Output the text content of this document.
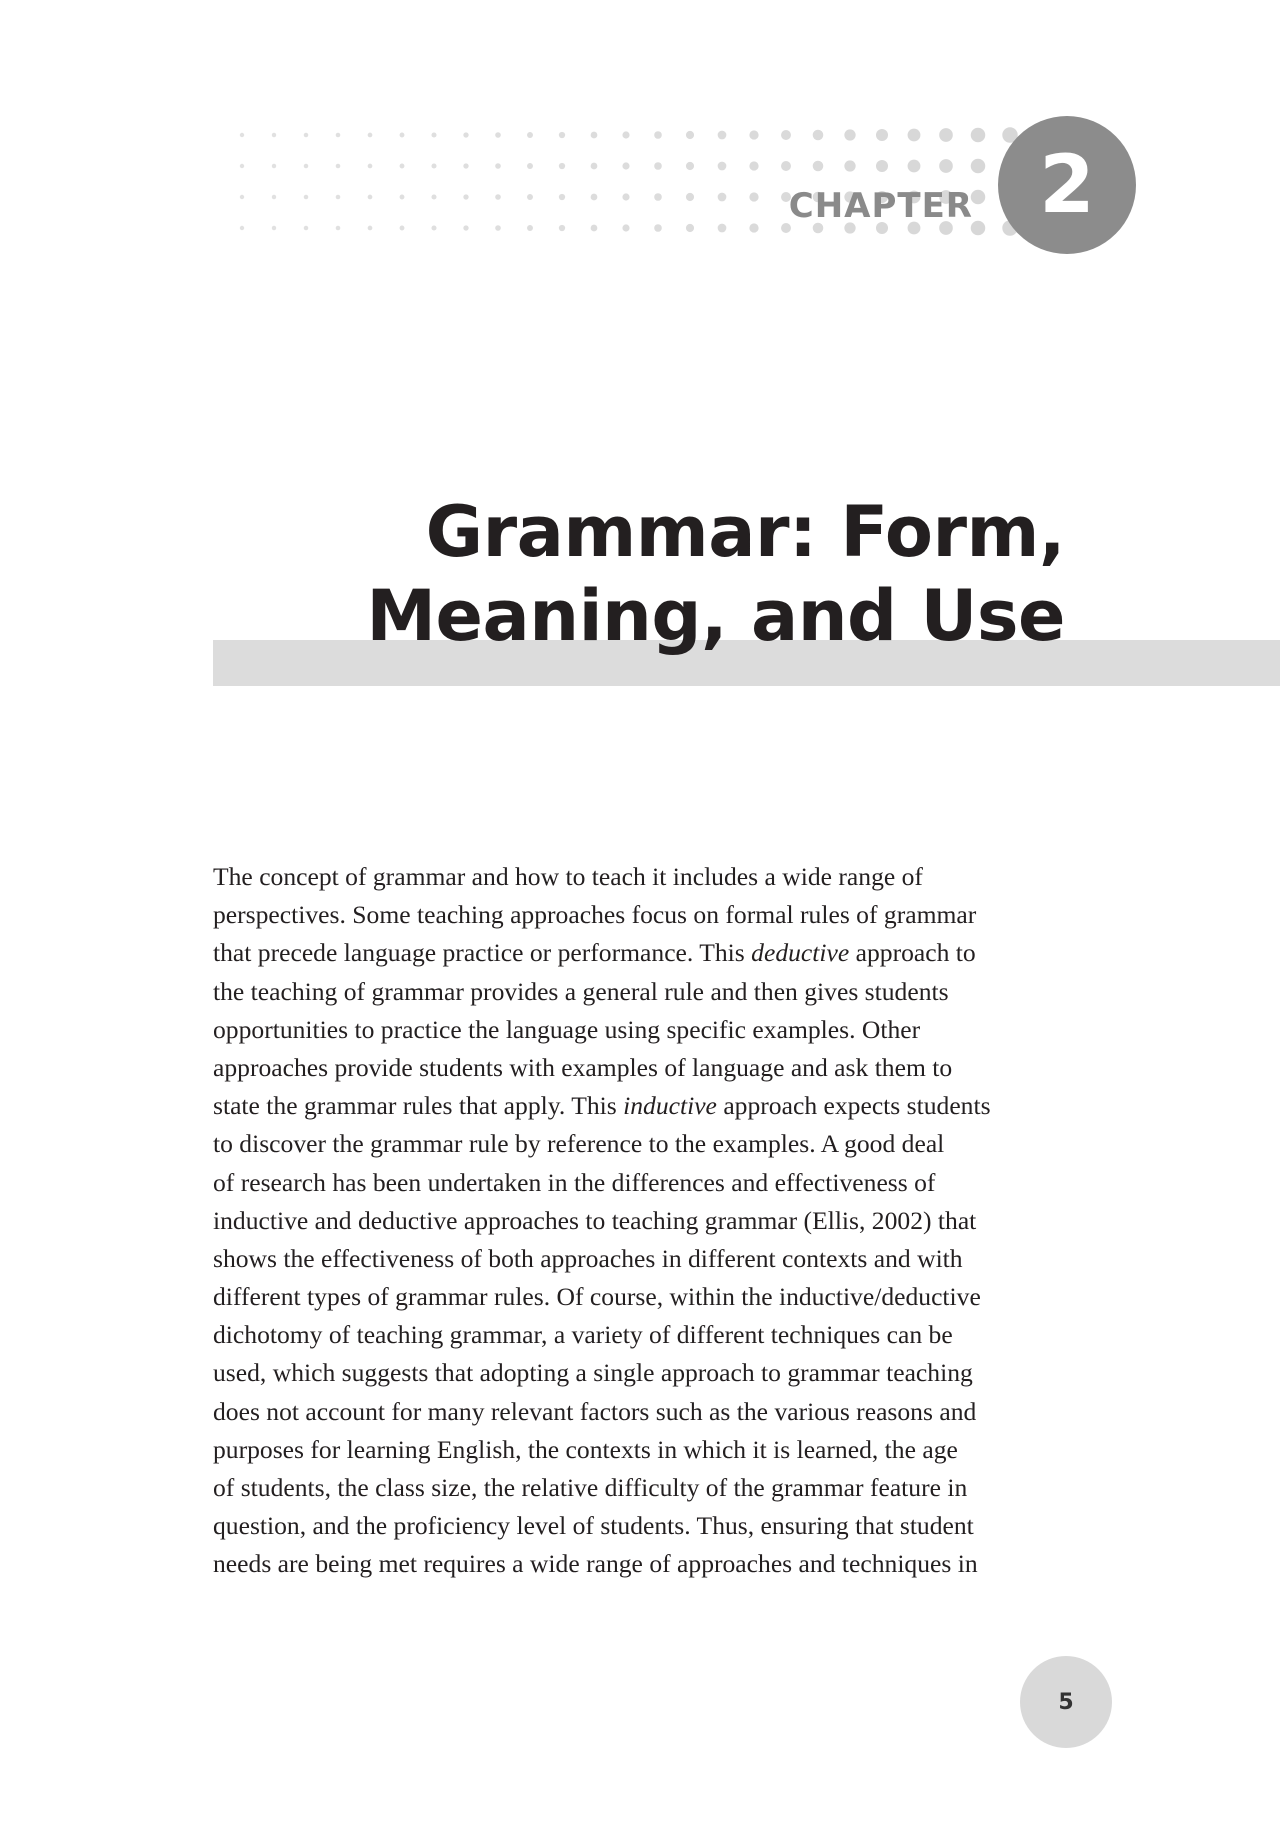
CHAPTER 2
Grammar: Form,
Meaning, and Use
The concept of grammar and how to teach it includes a wide range of
perspectives. Some teaching approaches focus on formal rules of grammar
that precede language practice or performance. This deductive approach to
the teaching of grammar provides a general rule and then gives students
opportunities to practice the language using specific examples. Other
approaches provide students with examples of language and ask them to
state the grammar rules that apply. This inductive approach expects students
to discover the grammar rule by reference to the examples. A good deal
of research has been undertaken in the differences and effectiveness of
inductive and deductive approaches to teaching grammar (Ellis, 2002) that
shows the effectiveness of both approaches in different contexts and with
different types of grammar rules. Of course, within the inductive/deductive
dichotomy of teaching grammar, a variety of different techniques can be
used, which suggests that adopting a single approach to grammar teaching
does not account for many relevant factors such as the various reasons and
purposes for learning English, the contexts in which it is learned, the age
of students, the class size, the relative difficulty of the grammar feature in
question, and the proficiency level of students. Thus, ensuring that student
needs are being met requires a wide range of approaches and techniques in
5
